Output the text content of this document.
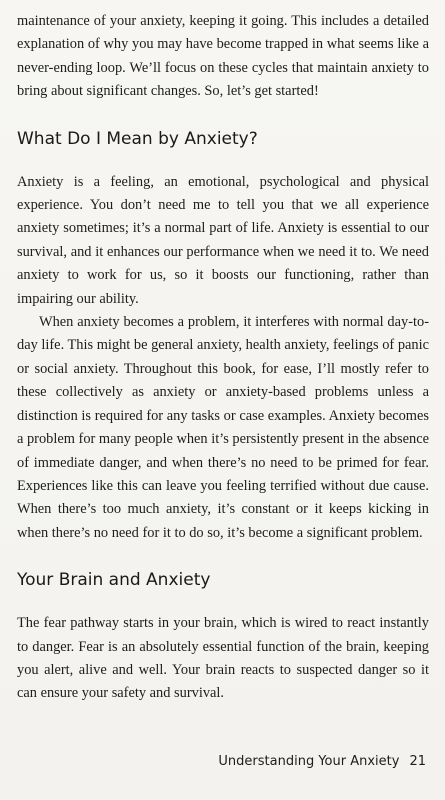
maintenance of your anxiety, keeping it going. This includes a detailed explanation of why you may have become trapped in what seems like a never-ending loop. We’ll focus on these cycles that maintain anxiety to bring about significant changes. So, let’s get started!

What Do I Mean by Anxiety?

Anxiety is a feeling, an emotional, psychological and physical experience. You don’t need me to tell you that we all experience anxiety sometimes; it’s a normal part of life. Anxiety is essential to our survival, and it enhances our performance when we need it to. We need anxiety to work for us, so it boosts our functioning, rather than impairing our ability.

When anxiety becomes a problem, it interferes with normal day-to-day life. This might be general anxiety, health anxiety, feelings of panic or social anxiety. Throughout this book, for ease, I’ll mostly refer to these collectively as anxiety or anxiety-based problems unless a distinction is required for any tasks or case examples. Anxiety becomes a problem for many people when it’s persistently present in the absence of immediate danger, and when there’s no need to be primed for fear. Experiences like this can leave you feeling terrified without due cause. When there’s too much anxiety, it’s constant or it keeps kicking in when there’s no need for it to do so, it’s become a significant problem.

Your Brain and Anxiety

The fear pathway starts in your brain, which is wired to react instantly to danger. Fear is an absolutely essential function of the brain, keeping you alert, alive and well. Your brain reacts to suspected danger so it can ensure your safety and survival.

Understanding Your Anxiety 21
